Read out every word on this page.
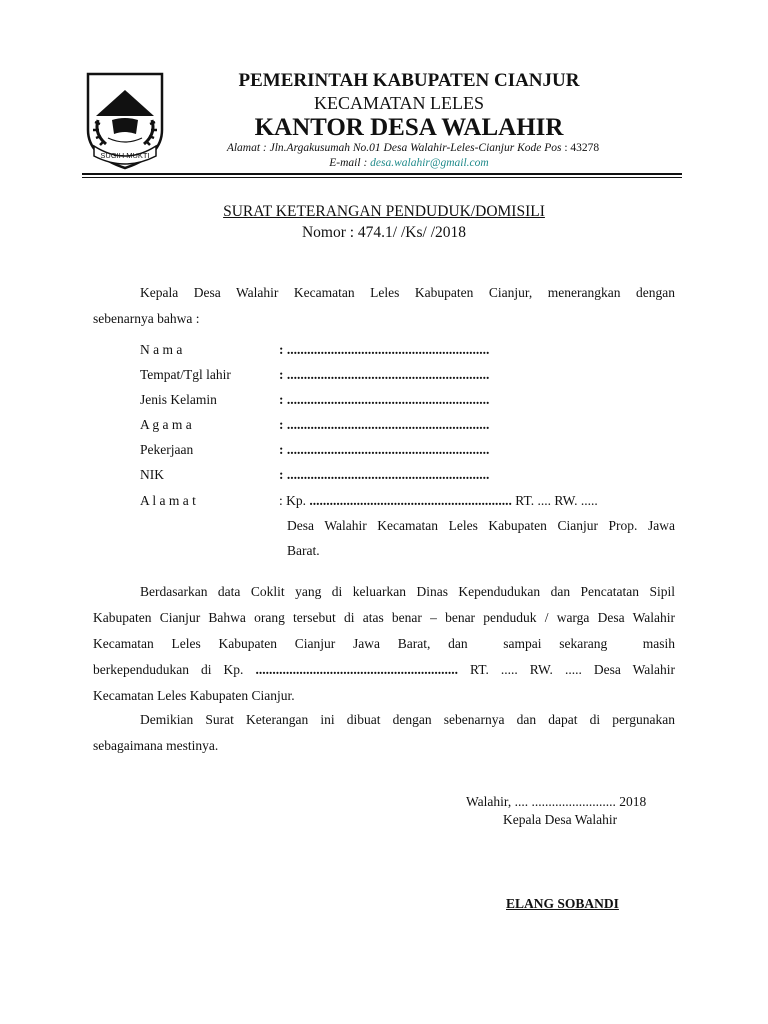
SUGIH MUKTI
PEMERINTAH KABUPATEN CIANJUR
KECAMATAN LELES
KANTOR DESA WALAHIR
Alamat : Jln.Argakusumah No.01 Desa Walahir-Leles-Cianjur Kode Pos : 43278
E-mail : desa.walahir@gmail.com
SURAT KETERANGAN PENDUDUK/DOMISILI
Nomor : 474.1/ /Ks/ /2018
Kepala Desa Walahir Kecamatan Leles Kabupaten Cianjur, menerangkan dengan
sebenarnya bahwa :
N a m a	: ............................................................
Tempat/Tgl lahir	: ............................................................
Jenis Kelamin	: ............................................................
A g a m a	: ............................................................
Pekerjaan	: ............................................................
NIK	: ............................................................
A l a m a t	: Kp. ............................................................ RT. .... RW. .....
Desa Walahir Kecamatan Leles Kabupaten Cianjur Prop. Jawa
Barat.
Berdasarkan data Coklit yang di keluarkan Dinas Kependudukan dan Pencatatan Sipil
Kabupaten Cianjur Bahwa orang tersebut di atas benar – benar penduduk / warga Desa Walahir
Kecamatan  Leles  Kabupaten  Cianjur  Jawa  Barat,  dan    sampai  sekarang    masih
berkependudukan di Kp. ............................................................ RT. ..... RW. ..... Desa Walahir
Kecamatan Leles Kabupaten Cianjur.
Demikian Surat Keterangan ini dibuat dengan sebenarnya dan dapat di pergunakan
sebagaimana mestinya.
Walahir, .... ......................... 2018
Kepala Desa Walahir
ELANG SOBANDI
